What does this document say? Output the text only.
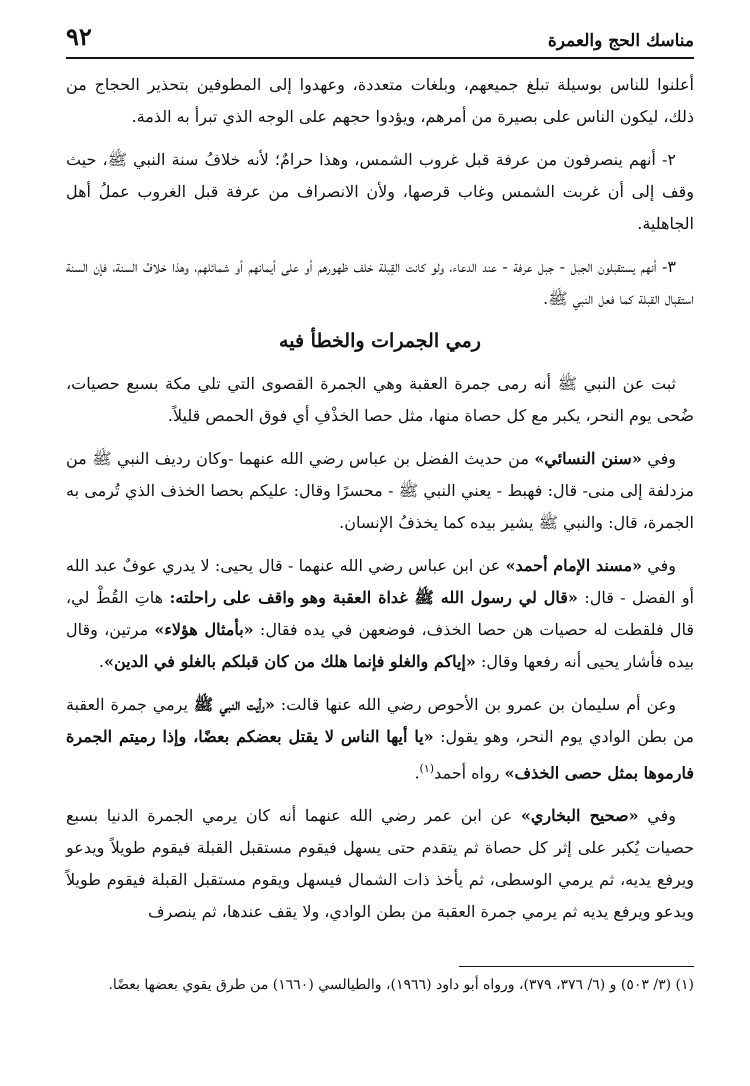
مناسك الحج والعمرة
٩٢

أعلنوا للناس بوسيلة تبلغ جميعهم، وبلغات متعددة، وعهدوا إلى المطوفين بتحذير الحجاج من ذلك، ليكون الناس على بصيرة من أمرهم، ويؤدوا حجهم على الوجه الذي تبرأ به الذمة.

٢- أنهم ينصرفون من عرفة قبل غروب الشمس، وهذا حرامٌ؛ لأنه خلافُ سنة النبي ﷺ، حيث وقف إلى أن غربت الشمس وغاب قرصها، ولأن الانصراف من عرفة قبل الغروب عملُ أهل الجاهلية.

٣- أنهم يستقبلون الجبل - جبل عرفة - عند الدعاء، ولو كانت القِبلة خلف ظهورهم أو على أيمانهم أو شمائلهم، وهذا خلافُ السنة، فإن السنة استقبال القبلة كما فعل النبي ﷺ.

رمي الجمرات والخطأ فيه

ثبت عن النبي ﷺ أنه رمى جمرة العقبة وهي الجمرة القصوى التي تلي مكة بسبع حصيات، ضُحى يوم النحر، يكبر مع كل حصاة منها، مثل حصا الخذْفِ أي فوق الحمص قليلاً.

وفي «سنن النسائي» من حديث الفضل بن عباس رضي الله عنهما -وكان رديف النبي ﷺ من مزدلفة إلى منى- قال: فهبط - يعني النبي ﷺ - محسرًا وقال: عليكم بحصا الخذف الذي تُرمى به الجمرة، قال: والنبي ﷺ يشير بيده كما يخذفُ الإنسان.

وفي «مسند الإمام أحمد» عن ابن عباس رضي الله عنهما - قال يحيى: لا يدري عوفٌ عبد الله أو الفضل - قال: «قال لي رسول الله ﷺ غداة العقبة وهو واقف على راحلته: هاتِ القُطْ لي، قال فلقطت له حصيات هن حصا الخذف، فوضعهن في يده فقال: «بأمثال هؤلاء» مرتين، وقال بيده فأشار يحيى أنه رفعها وقال: «إياكم والغلو فإنما هلك من كان قبلكم بالغلو في الدين».

وعن أم سليمان بن عمرو بن الأحوص رضي الله عنها قالت: «رأيت النبي ﷺ يرمي جمرة العقبة من بطن الوادي يوم النحر، وهو يقول: «يا أيها الناس لا يقتل بعضكم بعضًا، وإذا رميتم الجمرة فارموها بمثل حصى الخذف» رواه أحمد$^{(١)}$.

وفي «صحيح البخاري» عن ابن عمر رضي الله عنهما أنه كان يرمي الجمرة الدنيا بسبع حصيات يُكبر على إثر كل حصاة ثم يتقدم حتى يسهل فيقوم مستقبل القبلة فيقوم طويلاً ويدعو ويرفع يديه، ثم يرمي الوسطى، ثم يأخذ ذات الشمال فيسهل ويقوم مستقبل القبلة فيقوم طويلاً ويدعو ويرفع يديه ثم يرمي جمرة العقبة من بطن الوادي، ولا يقف عندها، ثم ينصرف

(١) (٣/ ٥٠٣) و (٦/ ٣٧٦، ٣٧٩)، ورواه أبو داود (١٩٦٦)، والطيالسي (١٦٦٠) من طرق يقوي بعضها بعضًا.
